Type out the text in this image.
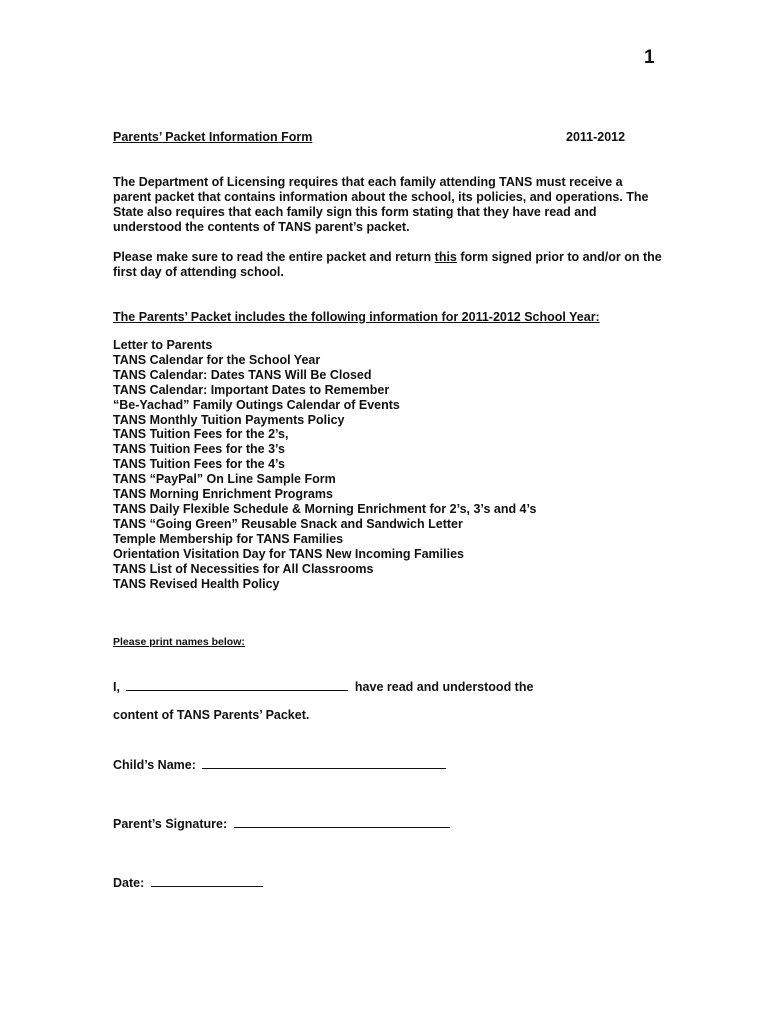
1
Parents’ Packet Information Form	2011-2012
The Department of Licensing requires that each family attending TANS must receive a parent packet that contains information about the school, its policies, and operations. The State also requires that each family sign this form stating that they have read and understood the contents of TANS parent’s packet.
Please make sure to read the entire packet and return this form signed prior to and/or on the first day of attending school.
The Parents’ Packet includes the following information for 2011-2012 School Year:
Letter to Parents
TANS Calendar for the School Year
TANS Calendar: Dates TANS Will Be Closed
TANS Calendar: Important Dates to Remember
“Be-Yachad” Family Outings Calendar of Events
TANS Monthly Tuition Payments Policy
TANS Tuition Fees for the 2’s,
TANS Tuition Fees for the 3’s
TANS Tuition Fees for the 4’s
TANS “PayPal” On Line Sample Form
TANS Morning Enrichment Programs
TANS Daily Flexible Schedule & Morning Enrichment for 2’s, 3’s and 4’s
TANS “Going Green” Reusable Snack and Sandwich Letter
Temple Membership for TANS Families
Orientation Visitation Day for TANS New Incoming Families
TANS List of Necessities for All Classrooms
TANS Revised Health Policy
Please print names below:
I,	have read and understood the
content of TANS Parents’ Packet.
Child’s Name:
Parent’s Signature:
Date:
